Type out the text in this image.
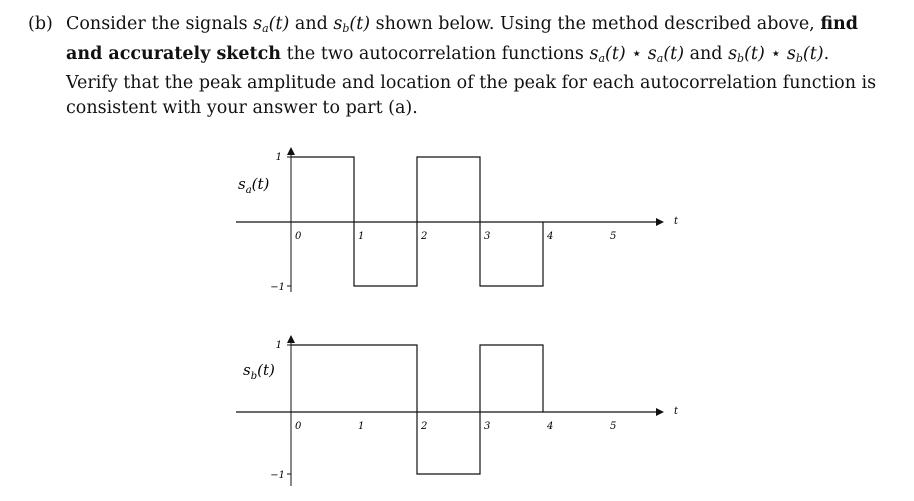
(b) Consider the signals $s_a(t)$ and $s_b(t)$ shown below. Using the method described above, find
and accurately sketch the two autocorrelation functions $s_a(t)$ ⋆ $s_a(t)$ and $s_b(t)$ ⋆ $s_b(t)$.
Verify that the peak amplitude and location of the peak for each autocorrelation function is
consistent with your answer to part (a).
$s_a(t)$
1
−1
0	1	2	3	4	5
t
$s_b(t)$
1
−1
0	1	2	3	4	5
t
